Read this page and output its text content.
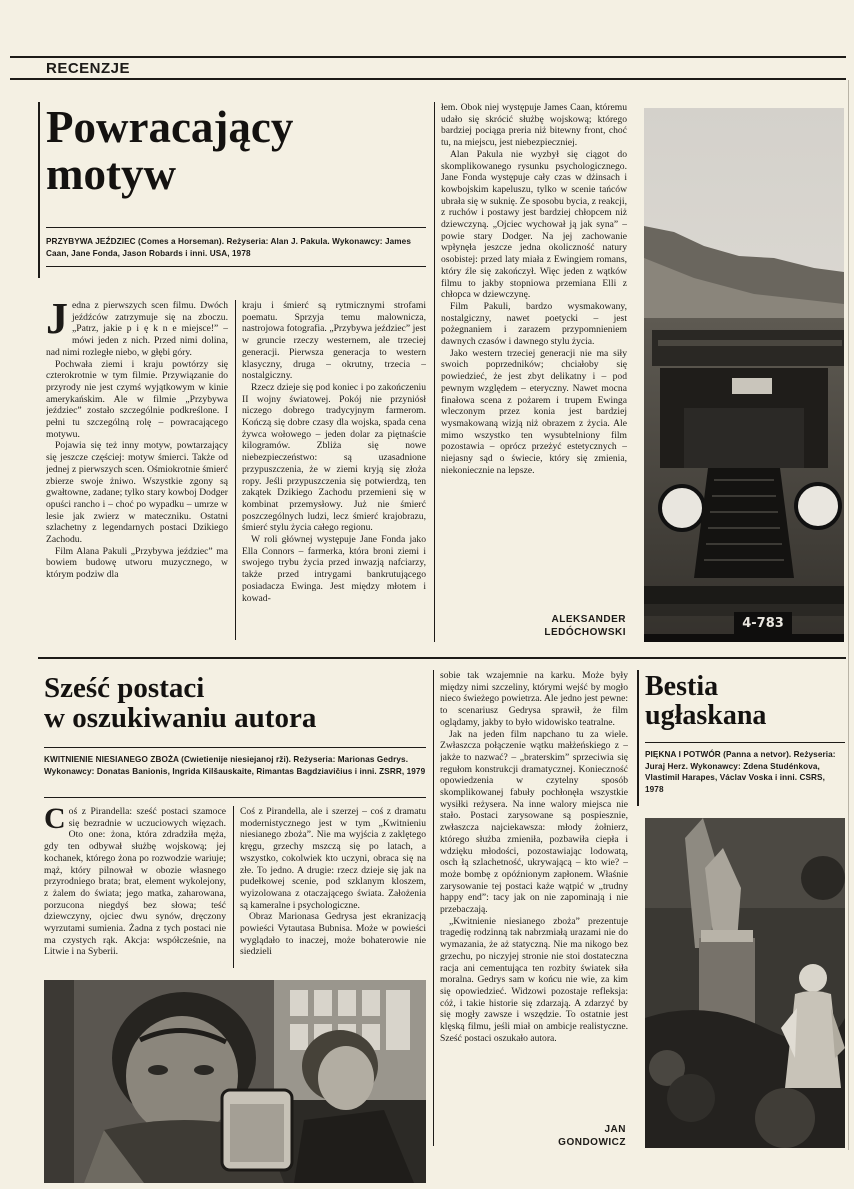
RECENZJE
Powracający
motyw
PRZYBYWA JEŹDZIEC (Comes a Horseman). Reżyseria: Alan J. Pakula. Wykonawcy: James Caan, Jane Fonda, Jason Robards i inni. USA, 1978
J edna z pierwszych scen filmu. Dwóch jeźdźców zatrzymuje się na zboczu. „Patrz, jakie p i ę k n e miejsce!” – mówi jeden z nich. Przed nimi dolina, nad nimi rozległe niebo, w głębi góry.

Pochwała ziemi i kraju powtórzy się czterokrotnie w tym filmie. Przywiązanie do przyrody nie jest czymś wyjątkowym w kinie amerykańskim. Ale w filmie „Przybywa jeździec” zostało szczególnie podkreślone. I pełni tu szczególną rolę – powracającego motywu.

Pojawia się też inny motyw, powtarzający się jeszcze częściej: motyw śmierci. Także od jednej z pierwszych scen. Ośmiokrotnie śmierć zbierze swoje żniwo. Wszystkie zgony są gwałtowne, zadane; tylko stary kowboj Dodger opuści rancho i – choć po wypadku – umrze w lesie jak zwierz w mateczniku. Ostatni szlachetny z legendarnych postaci Dzikiego Zachodu.

Film Alana Pakuli „Przybywa jeździec” ma bowiem budowę utworu muzycznego, w którym podziw dla

kraju i śmierć są rytmicznymi strofami poematu. Sprzyja temu malownicza, nastrojowa fotografia. „Przybywa jeździec” jest w gruncie rzeczy westernem, ale trzeciej generacji. Pierwsza generacja to western klasyczny, druga – okrutny, trzecia – nostalgiczny.

Rzecz dzieje się pod koniec i po zakończeniu II wojny światowej. Pokój nie przyniósł niczego dobrego tradycyjnym farmerom. Kończą się dobre czasy dla wojska, spada cena żywca wołowego – jeden dolar za piętnaście kilogramów. Zbliża się nowe niebezpieczeństwo: są uzasadnione przypuszczenia, że w ziemi kryją się złoża ropy. Jeśli przypuszczenia się potwierdzą, ten zakątek Dzikiego Zachodu przemieni się w kombinat przemysłowy. Już nie śmierć poszczególnych ludzi, lecz śmierć krajobrazu, śmierć stylu życia całego regionu.

W roli głównej występuje Jane Fonda jako Ella Connors – farmerka, która broni ziemi i swojego trybu życia przed inwazją nafciarzy, także przed intrygami bankrutującego posiadacza Ewinga. Jest między młotem i kowad-

łem. Obok niej występuje James Caan, któremu udało się skrócić służbę wojskową; którego bardziej pociąga preria niż bitewny front, choć tu, na miejscu, jest niebezpieczniej.

Alan Pakula nie wyzbył się ciągot do skomplikowanego rysunku psychologicznego. Jane Fonda występuje cały czas w dżinsach i kowbojskim kapeluszu, tylko w scenie tańców ubrała się w suknię. Ze sposobu bycia, z reakcji, z ruchów i postawy jest bardziej chłopcem niż dziewczyną. „Ojciec wychował ją jak syna” – powie stary Dodger. Na jej zachowanie wpłynęła jeszcze jedna okoliczność natury osobistej: przed laty miała z Ewingiem romans, który źle się zakończył. Więc jeden z wątków filmu to jakby stopniowa przemiana Elli z chłopca w dziewczynę.

Film Pakuli, bardzo wysmakowany, nostalgiczny, nawet poetycki – jest pożegnaniem i zarazem przypomnieniem dawnych czasów i dawnego stylu życia.

Jako western trzeciej generacji nie ma siły swoich poprzedników; chciałoby się powiedzieć, że jest zbyt delikatny i – pod pewnym względem – eteryczny. Nawet mocna finałowa scena z pożarem i trupem Ewinga wleczonym przez konia jest bardziej wysmakowaną wizją niż obrazem z życia. Ale mimo wszystko ten wysubtelniony film pozostawia – oprócz przeżyć estetycznych – niejasny sąd o świecie, który się zmienia, niekoniecznie na lepsze.

ALEKSANDER
LEDÓCHOWSKI
4-783
Sześć postaci
w oszukiwaniu autora
KWITNIENIE NIESIANEGO ZBOŻA (Cwietienije niesiejanoj rži). Reżyseria: Marionas Gedrys. Wykonawcy: Donatas Banionis, Ingrida Kilšauskaite, Rimantas Bagdziavičius i inni. ZSRR, 1979
C oś z Pirandella: sześć postaci szamoce się bezradnie w uczuciowych więzach. Oto one: żona, która zdradziła męża, gdy ten odbywał służbę wojskową; jej kochanek, którego żona po rozwodzie wariuje; mąż, który pilnował w obozie własnego przyrodniego brata; brat, element wykolejony, z żalem do świata; jego matka, zaharowana, porzucona niegdyś bez słowa; teść dziewczyny, ojciec dwu synów, dręczony wyrzutami sumienia. Żadna z tych postaci nie ma czystych rąk. Akcja: współcześnie, na Litwie i na Syberii.

Coś z Pirandella, ale i szerzej – coś z dramatu modernistycznego jest w tym „Kwitnieniu niesianego zboża”. Nie ma wyjścia z zaklętego kręgu, grzechy mszczą się po latach, a wszystko, cokolwiek kto uczyni, obraca się na złe. To jedno. A drugie: rzecz dzieje się jak na pudełkowej scenie, pod szklanym kloszem, wyizolowana z otaczającego świata. Założenia są kameralne i psychologiczne.

Obraz Marionasa Gedrysa jest ekranizacją powieści Vytautasa Bubnisa. Może w powieści wyglądało to inaczej, może bohaterowie nie siedzieli

sobie tak wzajemnie na karku. Może były między nimi szczeliny, którymi wejść by mogło nieco świeżego powietrza. Ale jedno jest pewne: to scenariusz Gedrysa sprawił, że film oglądamy, jakby to było widowisko teatralne.

Jak na jeden film napchano tu za wiele. Zwłaszcza połączenie wątku małżeńskiego z – jakże to nazwać? – „braterskim” sprzeciwia się regułom konstrukcji dramatycznej. Konieczność opowiedzenia w czytelny sposób skomplikowanej fabuły pochłonęła wszystkie wysiłki reżysera. Na inne walory miejsca nie stało. Postaci zarysowane są pospiesznie, zwłaszcza najciekawsza: młody żołnierz, którego służba zmieniła, pozbawiła ciepła i wdzięku młodości, pozostawiając lodowatą, osch łą szlachetność, ukrywającą – kto wie? – może bombę z opóźnionym zapłonem. Właśnie zarysowanie tej postaci każe wątpić w „trudny happy end”: tacy jak on nie zapominają i nie przebaczają.

„Kwitnienie niesianego zboża” prezentuje tragedię rodzinną tak nabrzmiałą urazami nie do wymazania, że aż statyczną. Nie ma nikogo bez grzechu, po niczyjej stronie nie stoi dostateczna racja ani cementująca ten rozbity światek siła moralna. Gedrys sam w końcu nie wie, za kim się opowiedzieć. Widzowi pozostaje refleksja: cóż, i takie historie się zdarzają. A zdarzyć by się mogły zawsze i wszędzie. To ostatnie jest klęską filmu, jeśli miał on ambicje realistyczne. Sześć postaci oszukało autora.

JAN
GONDOWICZ
Bestia
ugłaskana
PIĘKNA I POTWÓR (Panna a netvor). Reżyseria: Juraj Herz. Wykonawcy: Zdena Studénkova, Vlastimil Harapes, Václav Voska i inni. CSRS, 1978
